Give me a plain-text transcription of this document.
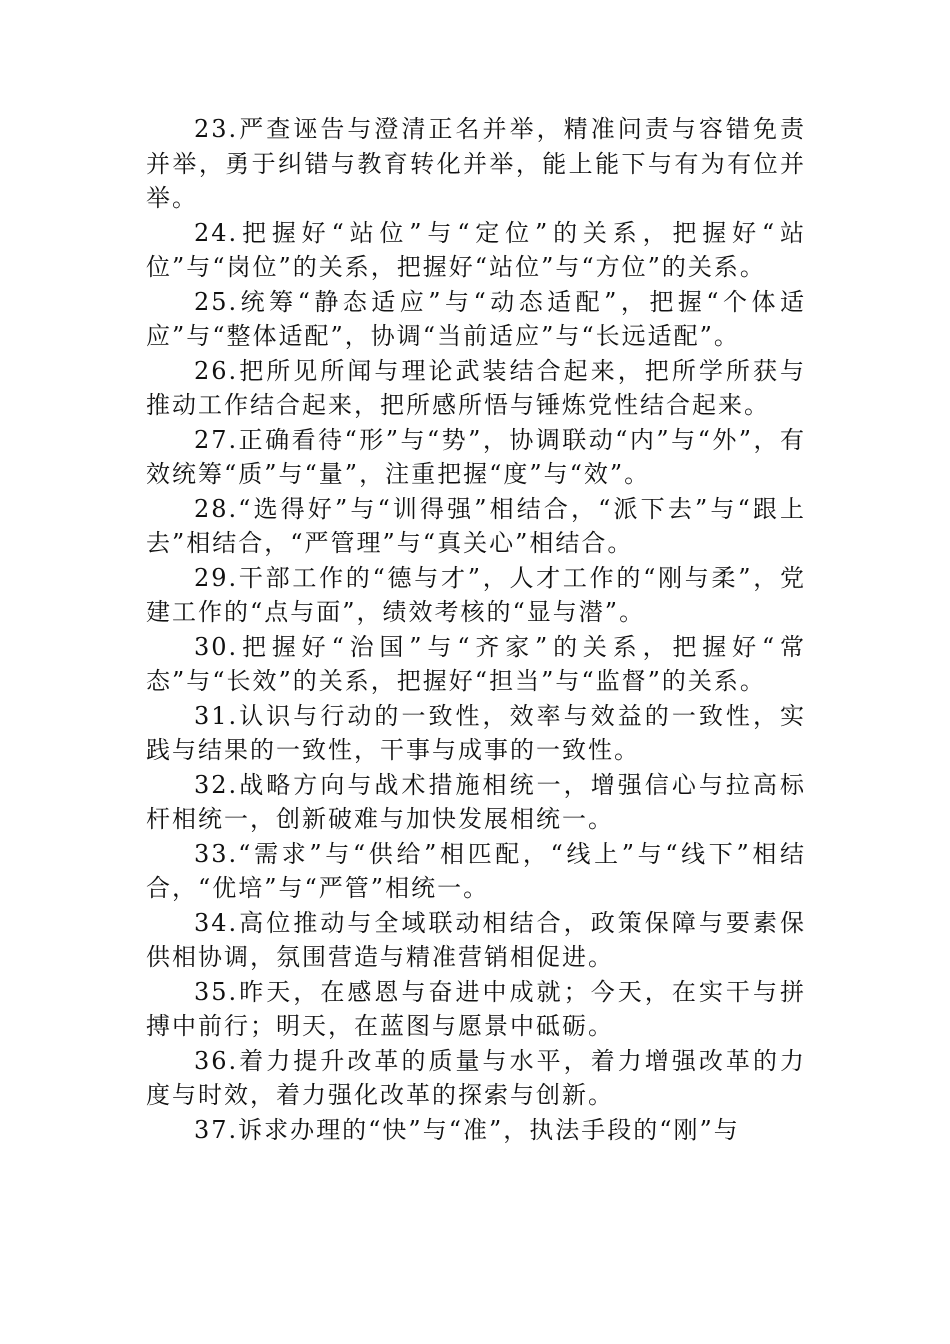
23.严查诬告与澄清正名并举，精准问责与容错免责并举，勇于纠错与教育转化并举，能上能下与有为有位并举。

24.把握好“站位”与“定位”的关系，把握好“站位”与“岗位”的关系，把握好“站位”与“方位”的关系。

25.统筹“静态适应”与“动态适配”，把握“个体适应”与“整体适配”，协调“当前适应”与“长远适配”。

26.把所见所闻与理论武装结合起来，把所学所获与推动工作结合起来，把所感所悟与锤炼党性结合起来。

27.正确看待“形”与“势”，协调联动“内”与“外”，有效统筹“质”与“量”，注重把握“度”与“效”。

28.“选得好”与“训得强”相结合，“派下去”与“跟上去”相结合，“严管理”与“真关心”相结合。

29.干部工作的“德与才”，人才工作的“刚与柔”，党建工作的“点与面”，绩效考核的“显与潜”。

30.把握好“治国”与“齐家”的关系，把握好“常态”与“长效”的关系，把握好“担当”与“监督”的关系。

31.认识与行动的一致性，效率与效益的一致性，实践与结果的一致性，干事与成事的一致性。

32.战略方向与战术措施相统一，增强信心与拉高标杆相统一，创新破难与加快发展相统一。

33.“需求”与“供给”相匹配，“线上”与“线下”相结合，“优培”与“严管”相统一。

34.高位推动与全域联动相结合，政策保障与要素保供相协调，氛围营造与精准营销相促进。

35.昨天，在感恩与奋进中成就；今天，在实干与拼搏中前行；明天，在蓝图与愿景中砥砺。

36.着力提升改革的质量与水平，着力增强改革的力度与时效，着力强化改革的探索与创新。

37.诉求办理的“快”与“准”，执法手段的“刚”与
